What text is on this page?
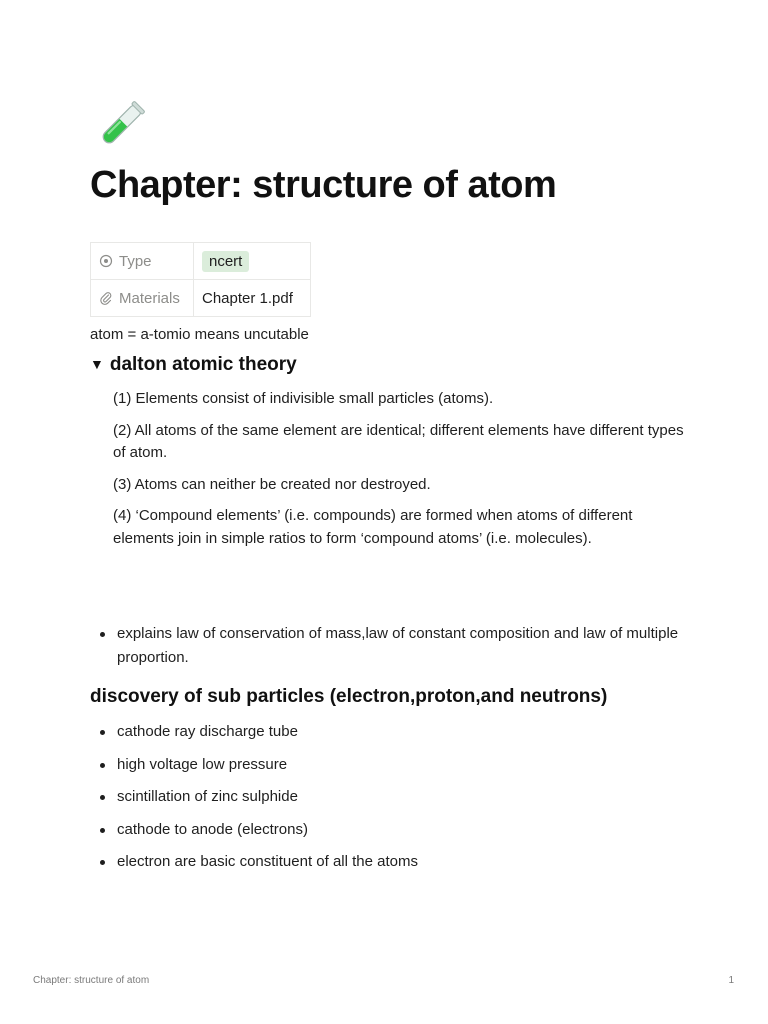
Chapter: structure of atom
Type	ncert
Materials	Chapter 1.pdf

atom = a-tomio means uncutable

▼ dalton atomic theory

(1) Elements consist of indivisible small particles (atoms).

(2) All atoms of the same element are identical; different elements have different types of atom.

(3) Atoms can neither be created nor destroyed.

(4) ‘Compound elements’ (i.e. compounds) are formed when atoms of different elements join in simple ratios to form ‘compound atoms’ (i.e. molecules).

explains law of conservation of mass,law of constant composition and law of multiple proportion.
discovery of sub particles (electron,proton,and neutrons)
cathode ray discharge tube
high voltage low pressure
scintillation of zinc sulphide
cathode to anode (electrons)
electron are basic constituent of all the atoms
Chapter: structure of atom	1
